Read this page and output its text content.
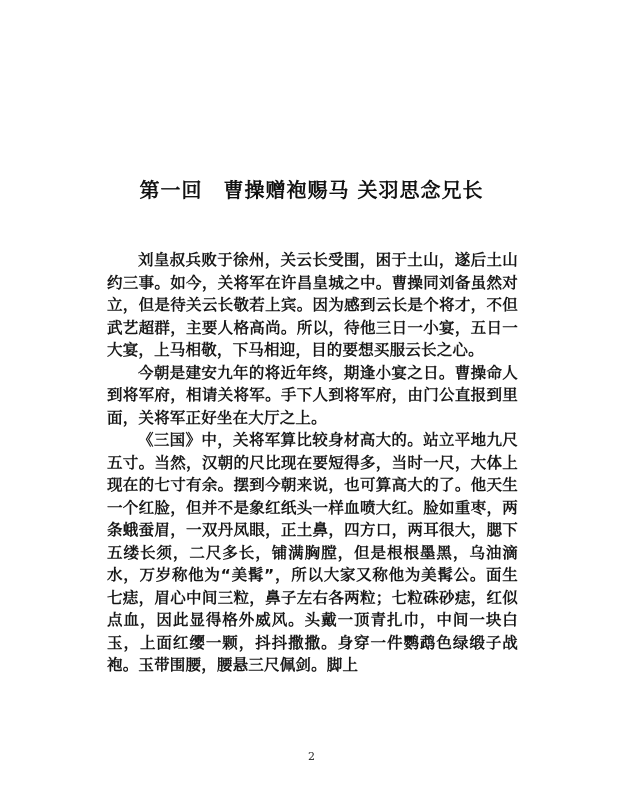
第一回　曹操赠袍赐马 关羽思念兄长

刘皇叔兵败于徐州，关云长受围，困于土山，遂后土山约三事。如今，关将军在许昌皇城之中。曹操同刘备虽然对立，但是待关云长敬若上宾。因为感到云长是个将才，不但武艺超群，主要人格高尚。所以，待他三日一小宴，五日一大宴，上马相敬，下马相迎，目的要想买服云长之心。

今朝是建安九年的将近年终，期逢小宴之日。曹操命人到将军府，相请关将军。手下人到将军府，由门公直报到里面，关将军正好坐在大厅之上。

《三国》中，关将军算比较身材高大的。站立平地九尺五寸。当然，汉朝的尺比现在要短得多，当时一尺，大体上现在的七寸有余。摆到今朝来说，也可算高大的了。他天生一个红脸，但并不是象红纸头一样血喷大红。脸如重枣，两条蛾蚕眉，一双丹凤眼，正土鼻，四方口，两耳很大，腮下五缕长须，二尺多长，铺满胸膛，但是根根墨黑，乌油滴水，万岁称他为“美髯”，所以大家又称他为美髯公。面生七痣，眉心中间三粒，鼻子左右各两粒；七粒硃砂痣，红似点血，因此显得格外威风。头戴一顶青扎巾，中间一块白玉，上面红缨一颗，抖抖撒撒。身穿一件鹦鹉色绿缎子战袍。玉带围腰，腰悬三尺佩剑。脚上

2
